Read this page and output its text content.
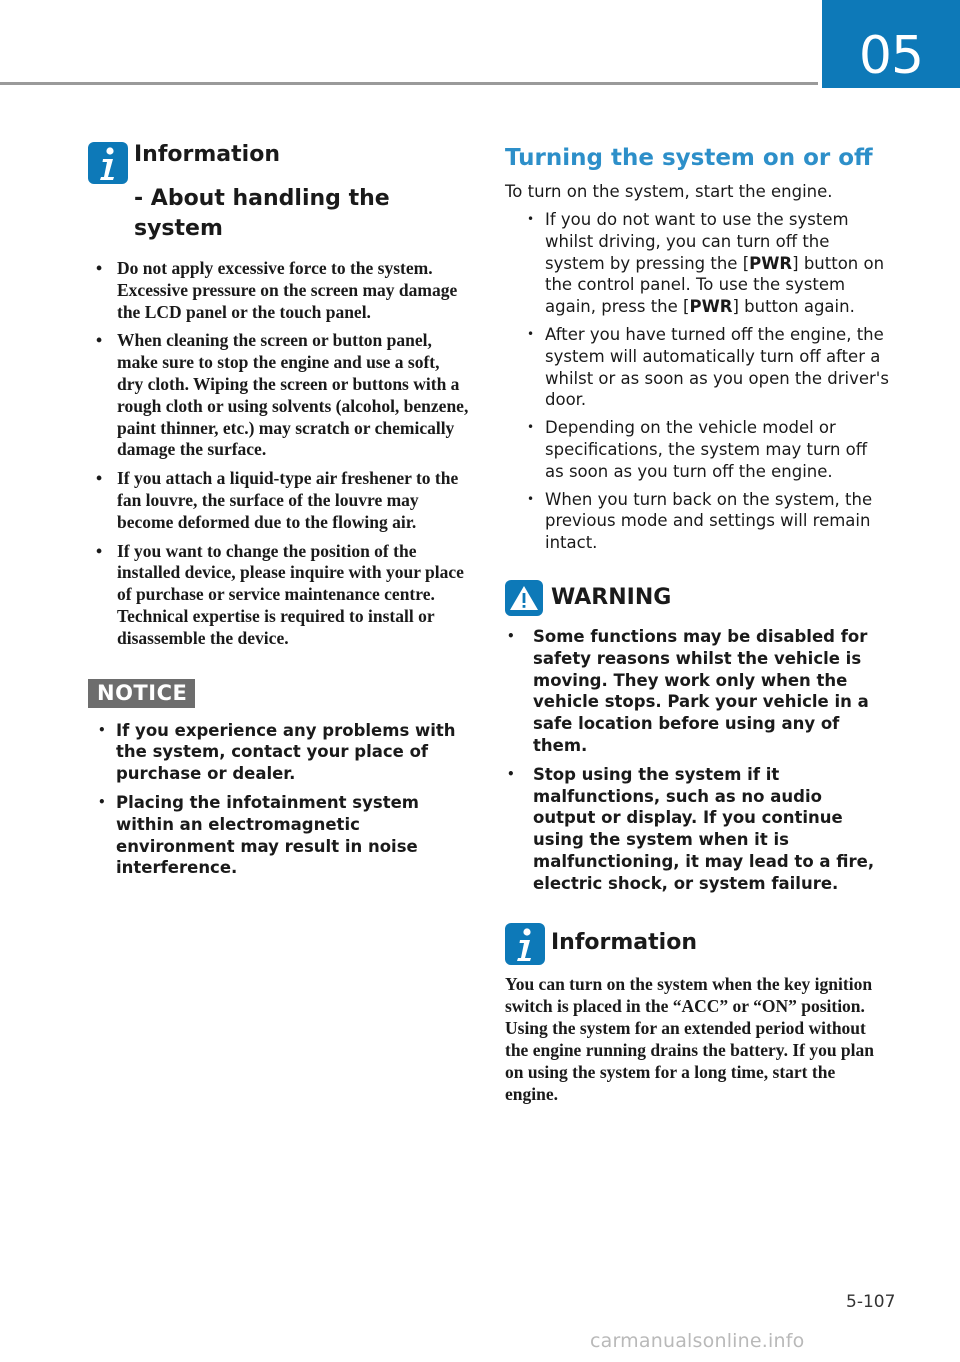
05
Information
- About handling the system
• Do not apply excessive force to the system. Excessive pressure on the screen may damage the LCD panel or the touch panel.
• When cleaning the screen or button panel, make sure to stop the engine and use a soft, dry cloth. Wiping the screen or buttons with a rough cloth or using solvents (alcohol, benzene, paint thinner, etc.) may scratch or chemically damage the surface.
• If you attach a liquid-type air freshener to the fan louvre, the surface of the louvre may become deformed due to the flowing air.
• If you want to change the position of the installed device, please inquire with your place of purchase or service maintenance centre. Technical expertise is required to install or disassemble the device.
NOTICE
• If you experience any problems with the system, contact your place of purchase or dealer.
• Placing the infotainment system within an electromagnetic environment may result in noise interference.
Turning the system on or off
To turn on the system, start the engine.
• If you do not want to use the system whilst driving, you can turn off the system by pressing the [PWR] button on the control panel. To use the system again, press the [PWR] button again.
• After you have turned off the engine, the system will automatically turn off after a whilst or as soon as you open the driver's door.
• Depending on the vehicle model or specifications, the system may turn off as soon as you turn off the engine.
• When you turn back on the system, the previous mode and settings will remain intact.
WARNING
• Some functions may be disabled for safety reasons whilst the vehicle is moving. They work only when the vehicle stops. Park your vehicle in a safe location before using any of them.
• Stop using the system if it malfunctions, such as no audio output or display. If you continue using the system when it is malfunctioning, it may lead to a fire, electric shock, or system failure.
Information
You can turn on the system when the key ignition switch is placed in the “ACC” or “ON” position. Using the system for an extended period without the engine running drains the battery. If you plan on using the system for a long time, start the engine.
5-107
carmanualsonline.info
